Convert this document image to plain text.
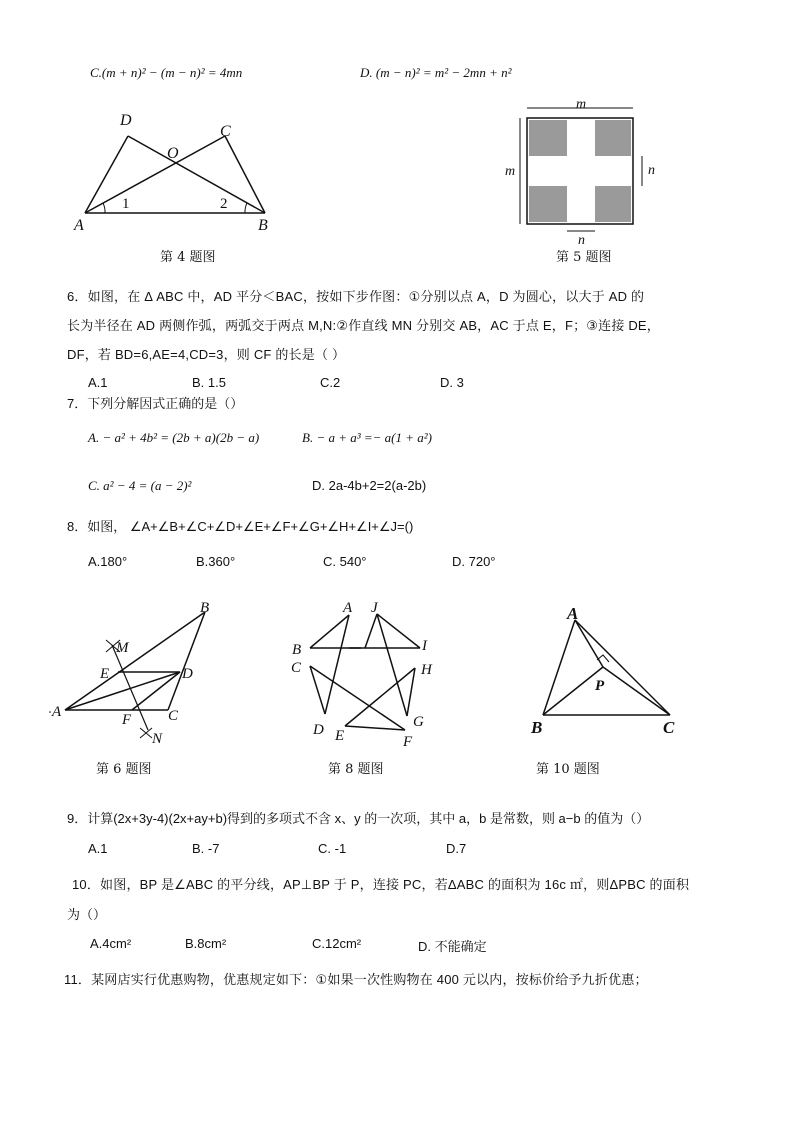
C.(m + n)² − (m − n)² = 4mn	D. (m − n)² = m² − 2mn + n²
D
C
O
A	B
1	2
第 4 题图
m
m	n
n
第 5 题图
6．如图，在 Δ ABC 中，AD 平分＜BAC，按如下步作图：①分别以点 A，D 为圆心，以大于 AD 的
长为半径在 AD 两侧作弧，两弧交于两点 M,N:②作直线 MN 分别交 AB，AC 于点 E，F；③连接 DE，
DF，若 BD=6,AE=4,CD=3，则 CF 的长是（ ）
A.1	B. 1.5	C.2	D. 3
7．下列分解因式正确的是（）
A. − a² + 4b² = (2b + a)(2b − a)	B. − a + a³ =− a(1 + a²)
C. a² − 4 = (a − 2)²	D. 2a-4b+2=2(a-2b)
8．如图， ∠A+∠B+∠C+∠D+∠E+∠F+∠G+∠H+∠I+∠J=()
A.180°	B.360°	C. 540°	D. 720°
B
M
E	D
A	F C
N
第 6 题图
A J
B
C
I
H
D E	F
G
第 8 题图
A
P
B	C
第 10 题图
9．计算(2x+3y-4)(2x+ay+b)得到的多项式不含 x、y 的一次项，其中 a，b 是常数，则 a−b 的值为（）
A.1	B. -7	C. -1	D.7
10．如图，BP 是∠ABC 的平分线，AP⊥BP 于 P，连接 PC，若ΔABC 的面积为 16c ㎡，则ΔPBC 的面积
为（）
A.4cm²	B.8cm²	C.12cm²	D. 不能确定
11．某网店实行优惠购物，优惠规定如下：①如果一次性购物在 400 元以内，按标价给予九折优惠；
